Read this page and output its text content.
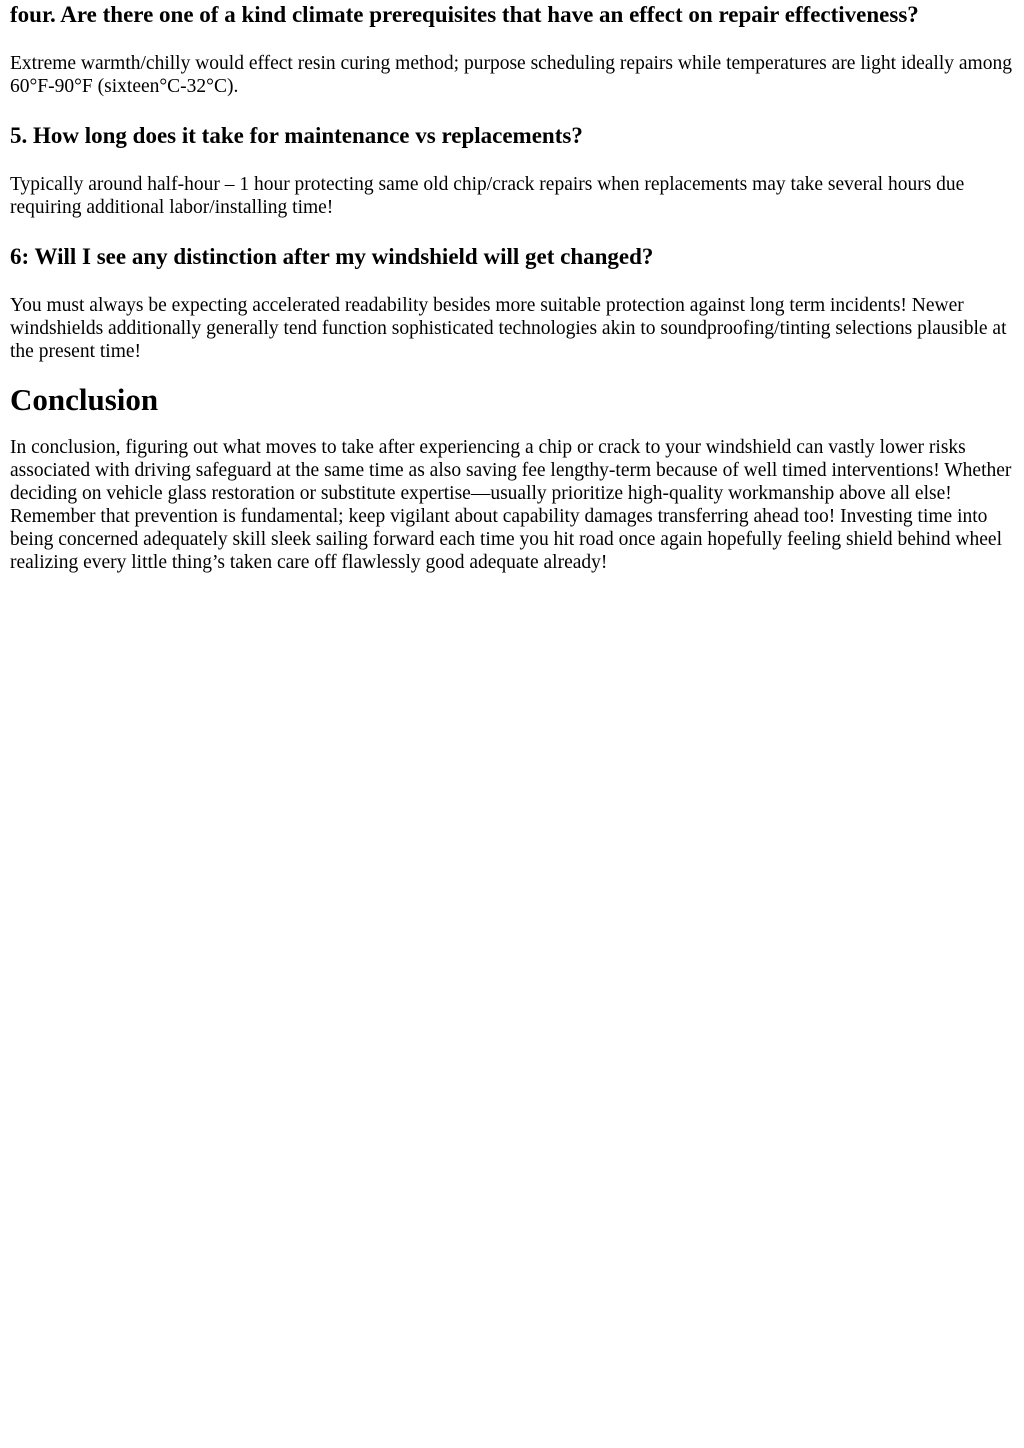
four. Are there one of a kind climate prerequisites that have an effect on repair effectiveness?

Extreme warmth/chilly would effect resin curing method; purpose scheduling repairs while temperatures are light ideally among 60°F-90°F (sixteen°C-32°C).

5. How long does it take for maintenance vs replacements?

Typically around half-hour – 1 hour protecting same old chip/crack repairs when replacements may take several hours due requiring additional labor/installing time!

6: Will I see any distinction after my windshield will get changed?

You must always be expecting accelerated readability besides more suitable protection against long term incidents! Newer windshields additionally generally tend function sophisticated technologies akin to soundproofing/tinting selections plausible at the present time!

Conclusion

In conclusion, figuring out what moves to take after experiencing a chip or crack to your windshield can vastly lower risks associated with driving safeguard at the same time as also saving fee lengthy-term because of well timed interventions! Whether deciding on vehicle glass restoration or substitute expertise—usually prioritize high-quality workmanship above all else! Remember that prevention is fundamental; keep vigilant about capability damages transferring ahead too! Investing time into being concerned adequately skill sleek sailing forward each time you hit road once again hopefully feeling shield behind wheel realizing every little thing’s taken care off flawlessly good adequate already!
